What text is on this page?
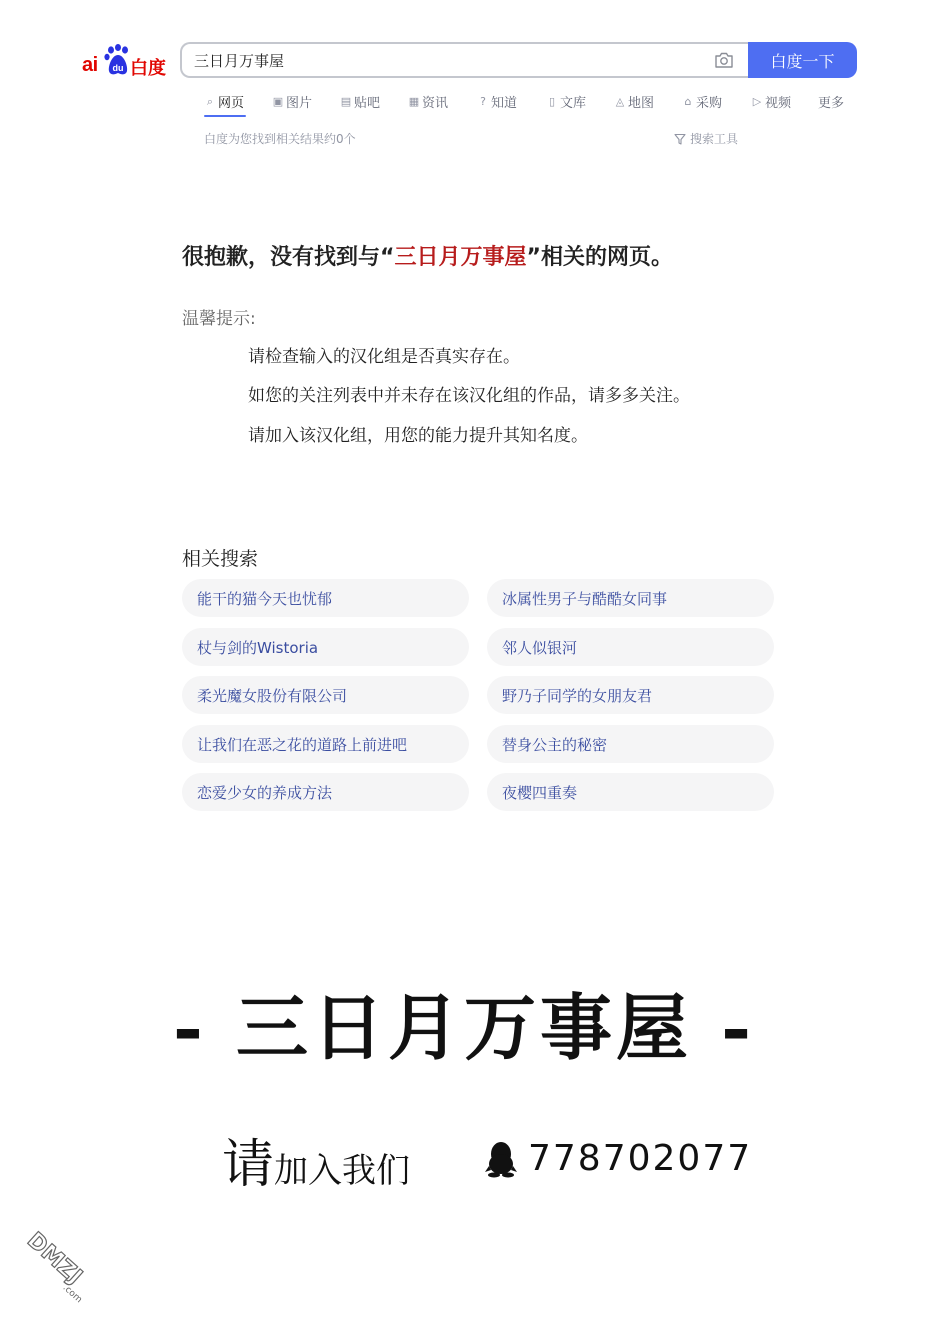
ai du 白度
三日月万事屋	白度一下
⌕ 网页	▣ 图片	▤ 贴吧	▦ 资讯	? 知道	▯ 文库	◬ 地图	⌂ 采购	▷ 视频 更多
白度为您找到相关结果约0个	搜索工具
很抱歉，没有找到与“三日月万事屋”相关的网页。
温馨提示:
请检查输入的汉化组是否真实存在。
如您的关注列表中并未存在该汉化组的作品，请多多关注。
请加入该汉化组，用您的能力提升其知名度。
相关搜索
能干的猫今天也忧郁	冰属性男子与酷酷女同事
杖与剑的Wistoria	邻人似银河
柔光魔女股份有限公司	野乃子同学的女朋友君
让我们在恶之花的道路上前进吧	替身公主的秘密
恋爱少女的养成方法	夜樱四重奏
- 三日月万事屋 -
请加入我们	778702077
DMZJ
.com
